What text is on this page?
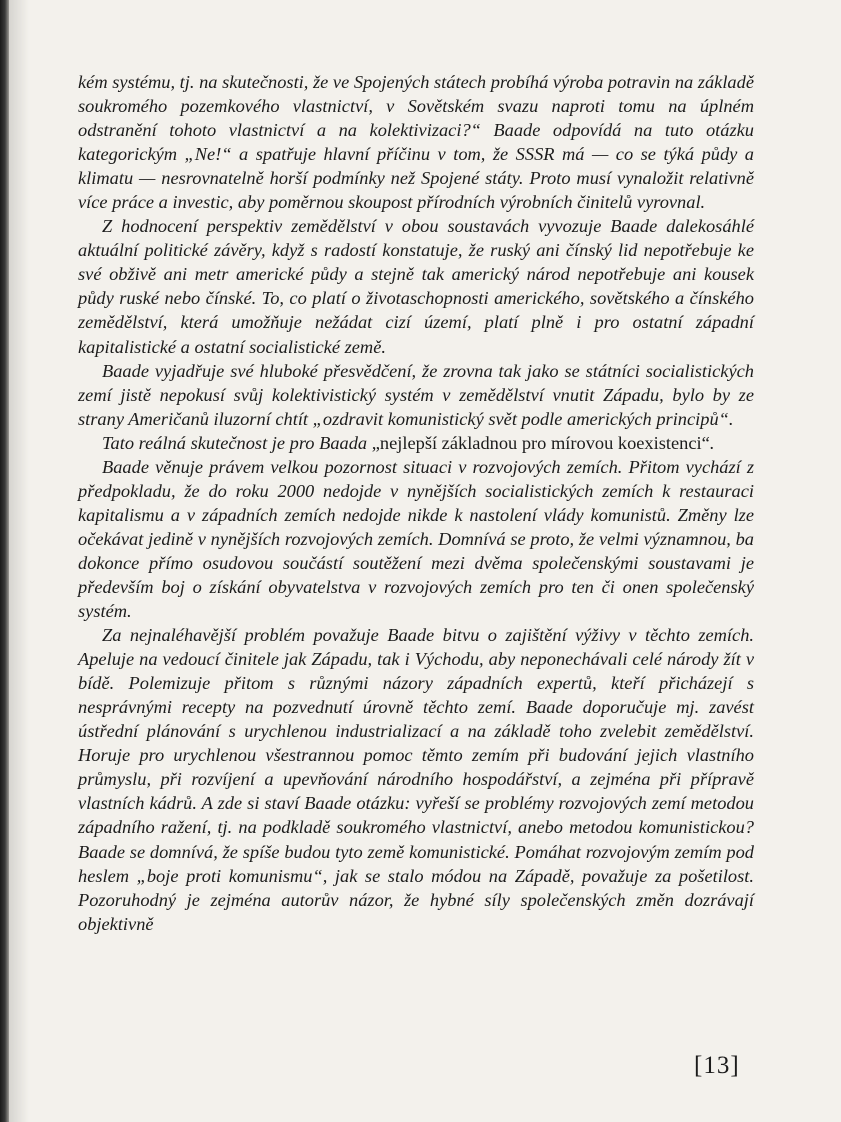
kém systému, tj. na skutečnosti, že ve Spojených státech probíhá výroba potravin na základě soukromého pozemkového vlastnictví, v Sovětském svazu naproti tomu na úplném odstranění tohoto vlastnictví a na kolektivizaci?“ Baade odpovídá na tuto otázku kategorickým „Ne!“ a spatřuje hlavní příčinu v tom, že SSSR má — co se týká půdy a klimatu — nesrovnatelně horší podmínky než Spojené státy. Proto musí vynaložit relativně více práce a investic, aby poměrnou skoupost přírodních výrobních činitelů vyrovnal.

Z hodnocení perspektiv zemědělství v obou soustavách vyvozuje Baade dalekosáhlé aktuální politické závěry, když s radostí konstatuje, že ruský ani čínský lid nepotřebuje ke své obživě ani metr americké půdy a stejně tak americký národ nepotřebuje ani kousek půdy ruské nebo čínské. To, co platí o životaschopnosti amerického, sovětského a čínského zemědělství, která umožňuje nežádat cizí území, platí plně i pro ostatní západní kapitalistické a ostatní socialistické země.

Baade vyjadřuje své hluboké přesvědčení, že zrovna tak jako se státníci socialistických zemí jistě nepokusí svůj kolektivistický systém v zemědělství vnutit Západu, bylo by ze strany Američanů iluzorní chtít „ozdravit komunistický svět podle amerických principů“.

Tato reálná skutečnost je pro Baada „nejlepší základnou pro mírovou koexistenci“.

Baade věnuje právem velkou pozornost situaci v rozvojových zemích. Přitom vychází z předpokladu, že do roku 2000 nedojde v nynějších socialistických zemích k restauraci kapitalismu a v západních zemích nedojde nikde k nastolení vlády komunistů. Změny lze očekávat jedině v nynějších rozvojových zemích. Domnívá se proto, že velmi významnou, ba dokonce přímo osudovou součástí soutěžení mezi dvěma společenskými soustavami je především boj o získání obyvatelstva v rozvojových zemích pro ten či onen společenský systém.

Za nejnaléhavější problém považuje Baade bitvu o zajištění výživy v těchto zemích. Apeluje na vedoucí činitele jak Západu, tak i Východu, aby neponechávali celé národy žít v bídě. Polemizuje přitom s různými názory západních expertů, kteří přicházejí s nesprávnými recepty na pozvednutí úrovně těchto zemí. Baade doporučuje mj. zavést ústřední plánování s urychlenou industrializací a na základě toho zvelebit zemědělství. Horuje pro urychlenou všestrannou pomoc těmto zemím při budování jejich vlastního průmyslu, při rozvíjení a upevňování národního hospodářství, a zejména při přípravě vlastních kádrů. A zde si staví Baade otázku: vyřeší se problémy rozvojových zemí metodou západního ražení, tj. na podkladě soukromého vlastnictví, anebo metodou komunistickou? Baade se domnívá, že spíše budou tyto země komunistické. Pomáhat rozvojovým zemím pod heslem „boje proti komunismu“, jak se stalo módou na Západě, považuje za pošetilost. Pozoruhodný je zejména autorův názor, že hybné síly společenských změn dozrávají objektivně

[13]
